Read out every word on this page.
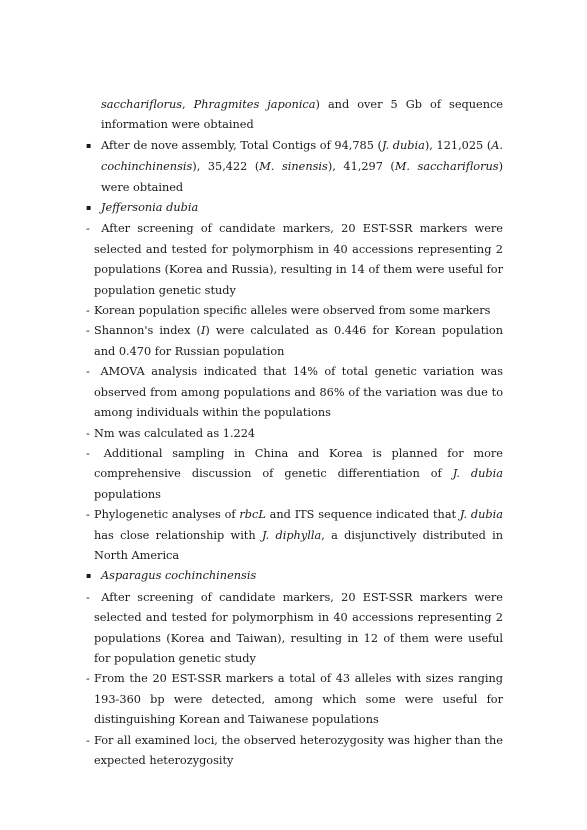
sacchariflorus, Phragmites japonica) and over 5 Gb of sequence information were obtained

▪ After de nove assembly, Total Contigs of 94,785 (J. dubia), 121,025 (A. cochinchinensis), 35,422 (M. sinensis), 41,297 (M. sacchariflorus) were obtained

▪ Jeffersonia dubia

- After screening of candidate markers, 20 EST-SSR markers were selected and tested for polymorphism in 40 accessions representing 2 populations (Korea and Russia), resulting in 14 of them were useful for population genetic study

- Korean population specific alleles were observed from some markers

- Shannon's index (I) were calculated as 0.446 for Korean population and 0.470 for Russian population

- AMOVA analysis indicated that 14% of total genetic variation was observed from among populations and 86% of the variation was due to among individuals within the populations

- Nm was calculated as 1.224

- Additional sampling in China and Korea is planned for more comprehensive discussion of genetic differentiation of J. dubia populations

- Phylogenetic analyses of rbcL and ITS sequence indicated that J. dubia has close relationship with J. diphylla, a disjunctively distributed in North America

▪ Asparagus cochinchinensis

- After screening of candidate markers, 20 EST-SSR markers were selected and tested for polymorphism in 40 accessions representing 2 populations (Korea and Taiwan), resulting in 12 of them were useful for population genetic study

- From the 20 EST-SSR markers a total of 43 alleles with sizes ranging 193-360 bp were detected, among which some were useful for distinguishing Korean and Taiwanese populations

- For all examined loci, the observed heterozygosity was higher than the expected heterozygosity
